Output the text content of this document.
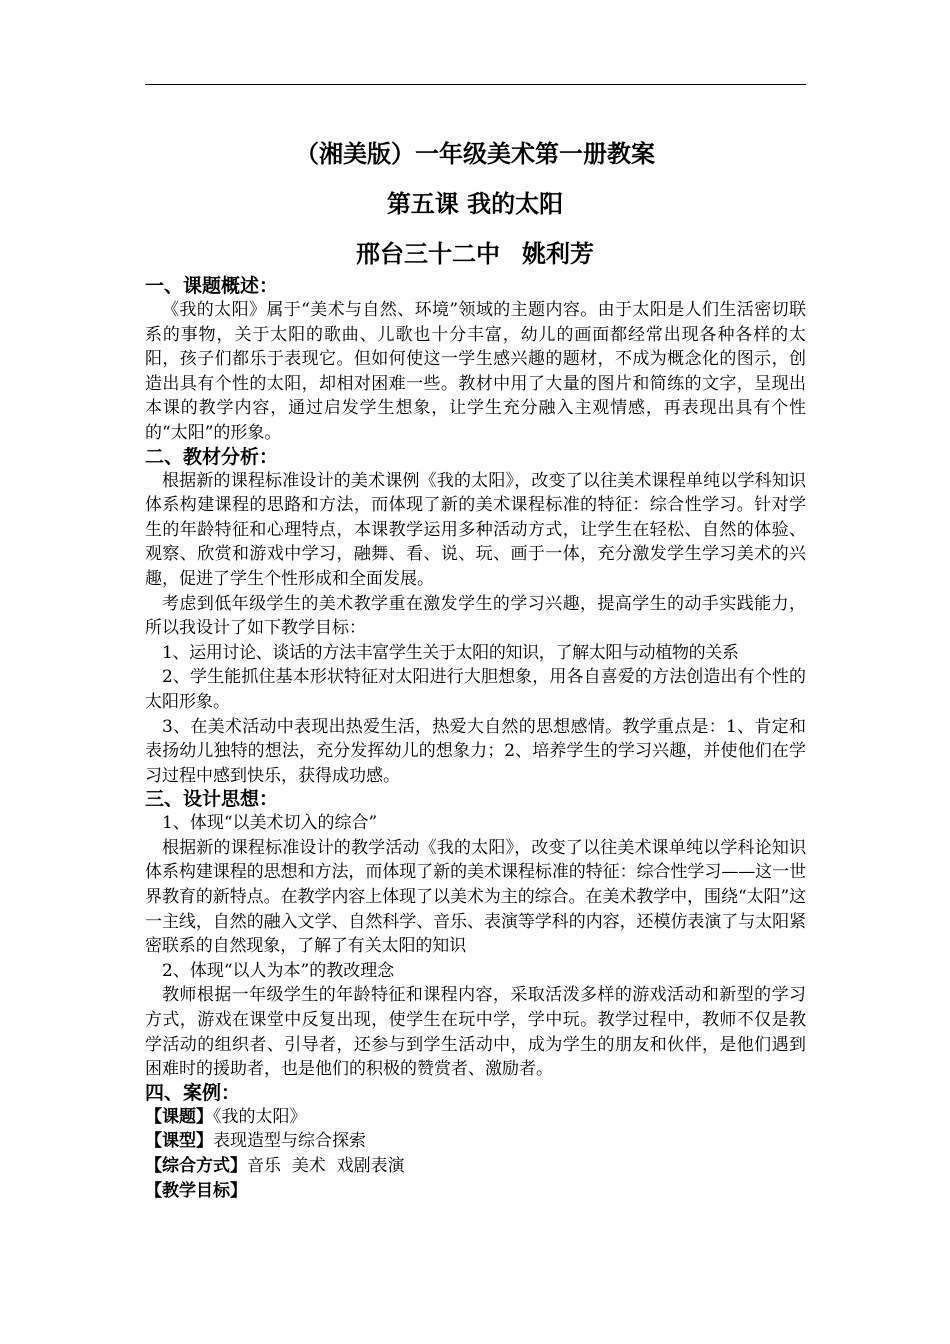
（湘美版）一年级美术第一册教案
第五课 我的太阳
邢台三十二中 姚利芳
一、课题概述：

《我的太阳》属于“美术与自然、环境”领域的主题内容。由于太阳是人们生活密切联系的事物，关于太阳的歌曲、儿歌也十分丰富，幼儿的画面都经常出现各种各样的太阳，孩子们都乐于表现它。但如何使这一学生感兴趣的题材，不成为概念化的图示，创造出具有个性的太阳，却相对困难一些。教材中用了大量的图片和简练的文字，呈现出本课的教学内容，通过启发学生想象，让学生充分融入主观情感，再表现出具有个性的“太阳”的形象。

二、教材分析：

根据新的课程标准设计的美术课例《我的太阳》，改变了以往美术课程单纯以学科知识体系构建课程的思路和方法，而体现了新的美术课程标准的特征：综合性学习。针对学生的年龄特征和心理特点，本课教学运用多种活动方式，让学生在轻松、自然的体验、观察、欣赏和游戏中学习，融舞、看、说、玩、画于一体，充分激发学生学习美术的兴趣，促进了学生个性形成和全面发展。

考虑到低年级学生的美术教学重在激发学生的学习兴趣，提高学生的动手实践能力，所以我设计了如下教学目标：

1、运用讨论、谈话的方法丰富学生关于太阳的知识，了解太阳与动植物的关系

2、学生能抓住基本形状特征对太阳进行大胆想象，用各自喜爱的方法创造出有个性的太阳形象。

3、在美术活动中表现出热爱生活，热爱大自然的思想感情。教学重点是：1、肯定和表扬幼儿独特的想法，充分发挥幼儿的想象力；2、培养学生的学习兴趣，并使他们在学习过程中感到快乐，获得成功感。

三、设计思想：

1、体现“以美术切入的综合”

根据新的课程标准设计的教学活动《我的太阳》，改变了以往美术课单纯以学科论知识体系构建课程的思想和方法，而体现了新的美术课程标准的特征：综合性学习——这一世界教育的新特点。在教学内容上体现了以美术为主的综合。在美术教学中，围绕“太阳”这一主线，自然的融入文学、自然科学、音乐、表演等学科的内容，还模仿表演了与太阳紧密联系的自然现象，了解了有关太阳的知识

2、体现“以人为本”的教改理念

教师根据一年级学生的年龄特征和课程内容，采取活泼多样的游戏活动和新型的学习方式，游戏在课堂中反复出现，使学生在玩中学，学中玩。教学过程中，教师不仅是教学活动的组织者、引导者，还参与到学生活动中，成为学生的朋友和伙伴，是他们遇到困难时的援助者，也是他们的积极的赞赏者、激励者。

四、案例：
【课题】《我的太阳》
【课型】表现造型与综合探索
【综合方式】音乐  美术  戏剧表演
【教学目标】
